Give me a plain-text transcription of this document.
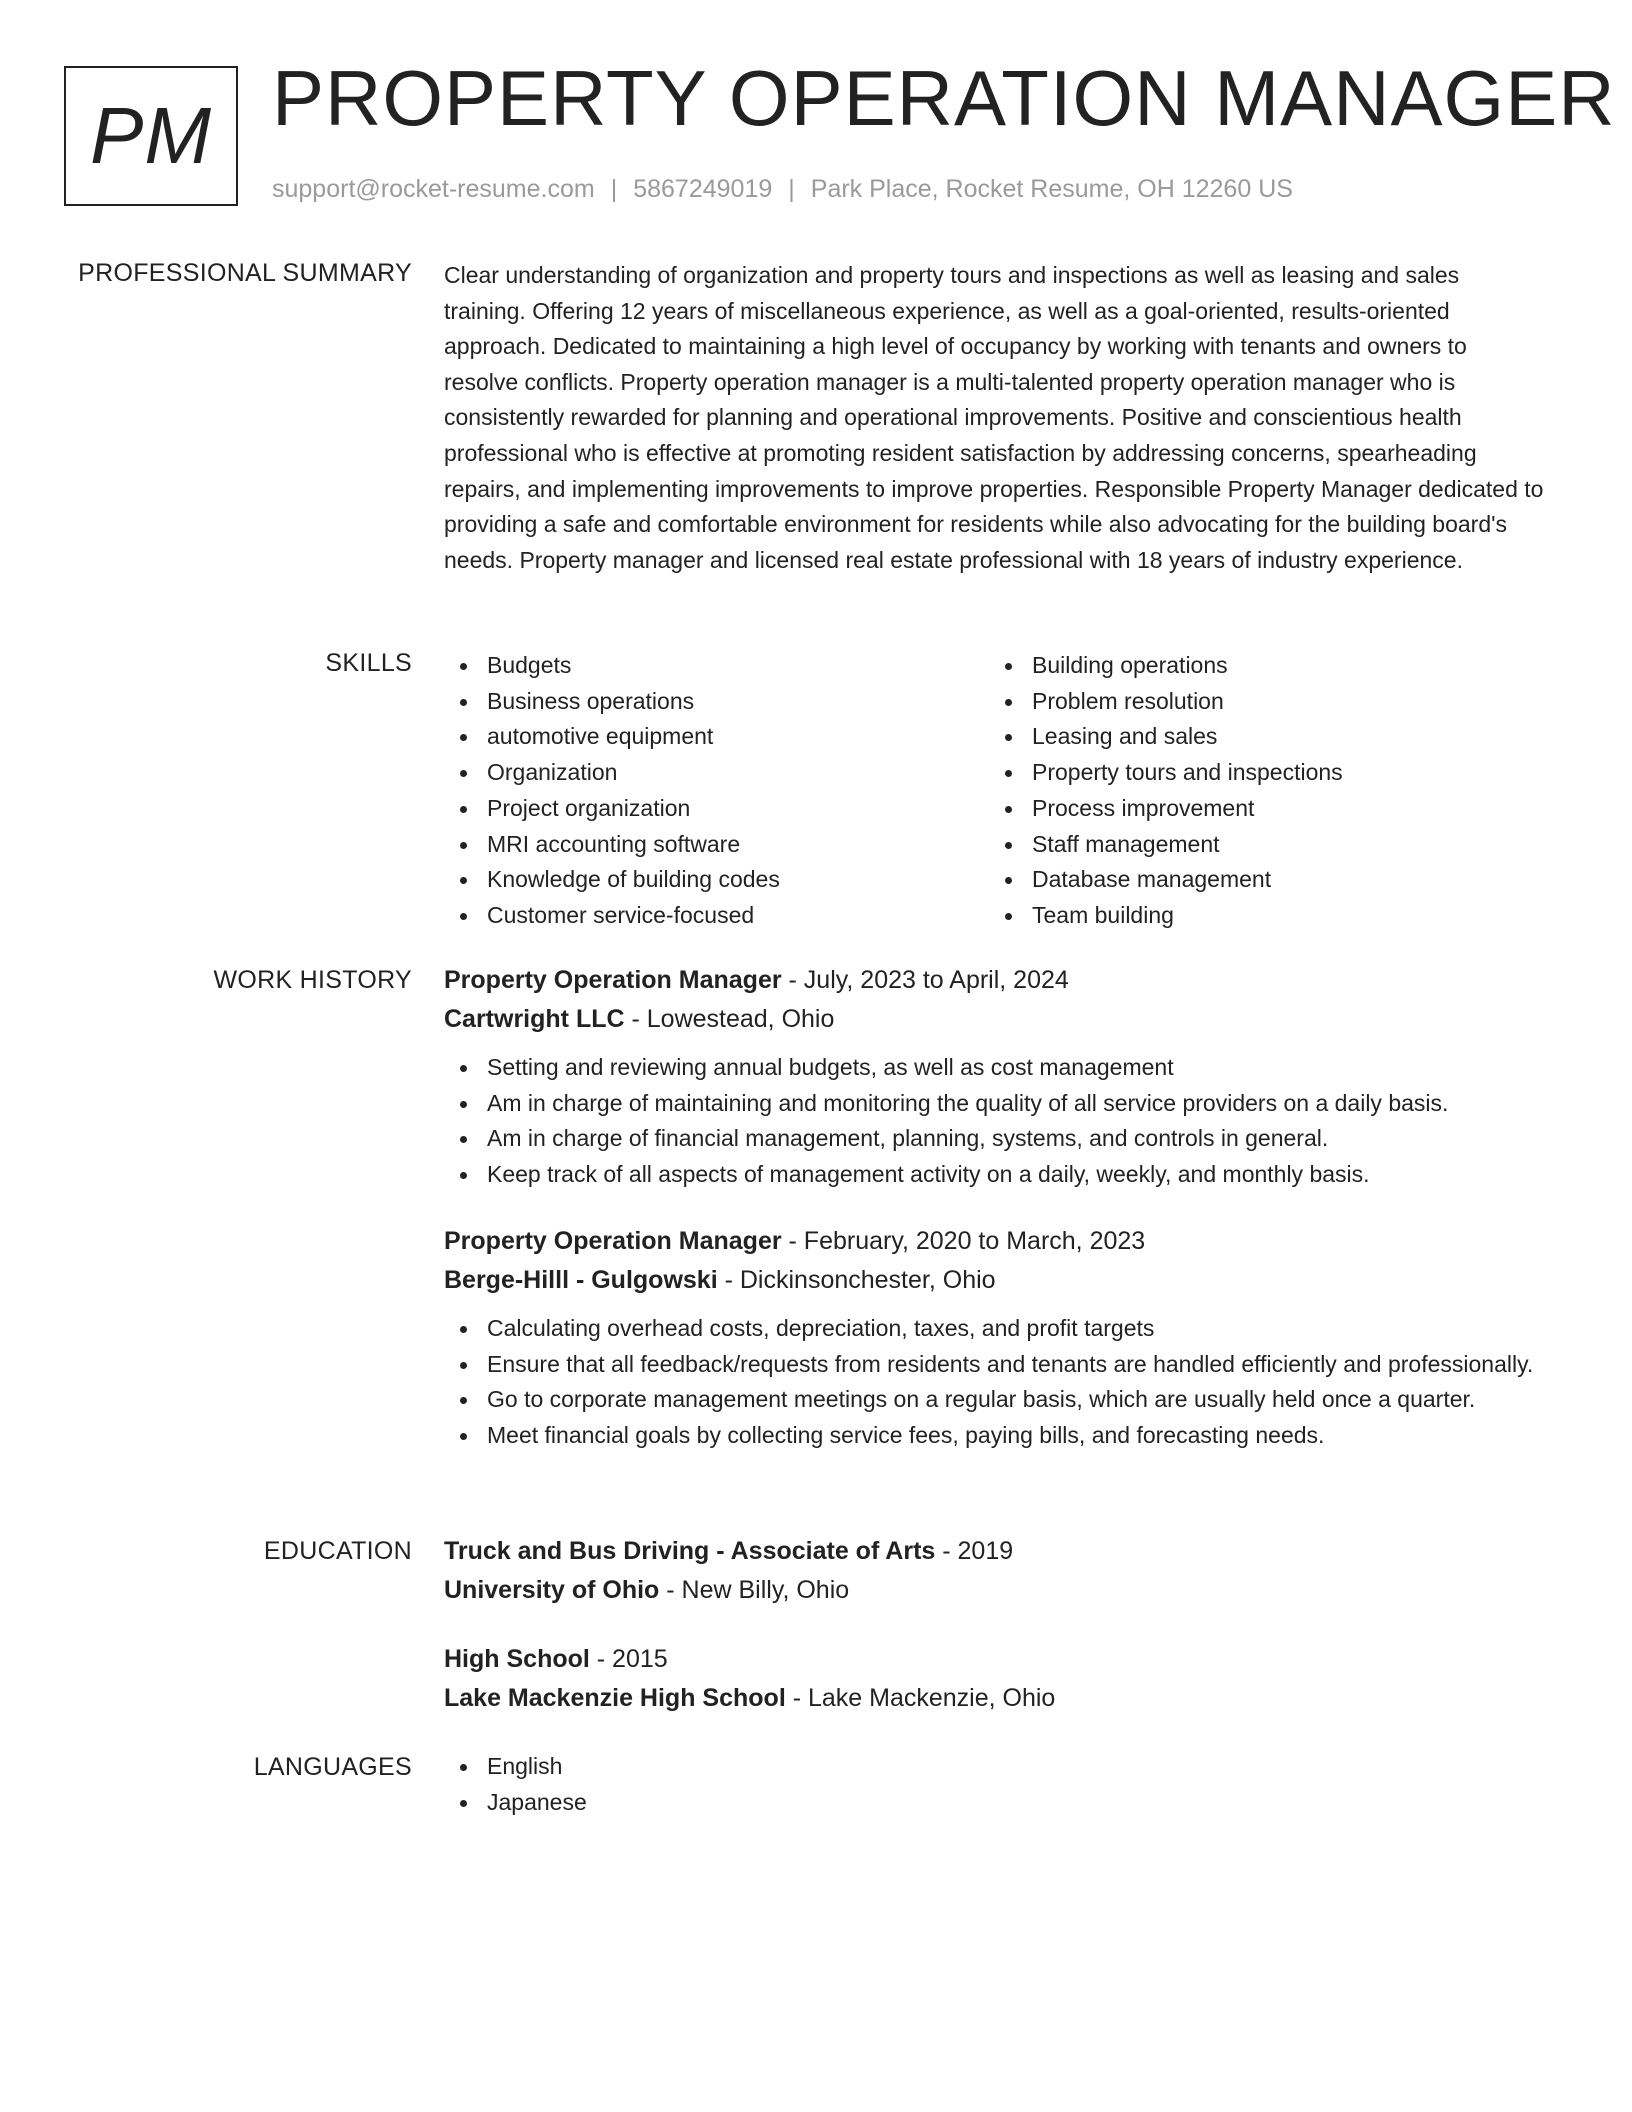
PM PROPERTY OPERATION MANAGER
support@rocket-resume.com | 5867249019 | Park Place, Rocket Resume, OH 12260 US
PROFESSIONAL SUMMARY Clear understanding of organization and property tours and inspections as well as leasing and sales training. Offering 12 years of miscellaneous experience, as well as a goal-oriented, results-oriented approach. Dedicated to maintaining a high level of occupancy by working with tenants and owners to resolve conflicts. Property operation manager is a multi-talented property operation manager who is consistently rewarded for planning and operational improvements. Positive and conscientious health professional who is effective at promoting resident satisfaction by addressing concerns, spearheading repairs, and implementing improvements to improve properties. Responsible Property Manager dedicated to providing a safe and comfortable environment for residents while also advocating for the building board's needs. Property manager and licensed real estate professional with 18 years of industry experience.

SKILLS	Budgets
Business operations
automotive equipment
Organization
Project organization
MRI accounting software
Knowledge of building codes
Customer service-focused
Building operations
Problem resolution
Leasing and sales
Property tours and inspections
Process improvement
Staff management
Database management
Team building
WORK HISTORY Property Operation Manager - July, 2023 to April, 2024
Cartwright LLC - Lowestead, Ohio
Setting and reviewing annual budgets, as well as cost management
Am in charge of maintaining and monitoring the quality of all service providers on a daily basis.
Am in charge of financial management, planning, systems, and controls in general.
Keep track of all aspects of management activity on a daily, weekly, and monthly basis.
Property Operation Manager - February, 2020 to March, 2023
Berge-Hilll - Gulgowski - Dickinsonchester, Ohio
Calculating overhead costs, depreciation, taxes, and profit targets
Ensure that all feedback/requests from residents and tenants are handled efficiently and professionally.
Go to corporate management meetings on a regular basis, which are usually held once a quarter.
Meet financial goals by collecting service fees, paying bills, and forecasting needs.
EDUCATION Truck and Bus Driving - Associate of Arts - 2019
University of Ohio - New Billy, Ohio
High School - 2015
Lake Mackenzie High School - Lake Mackenzie, Ohio
LANGUAGES	English
Japanese
